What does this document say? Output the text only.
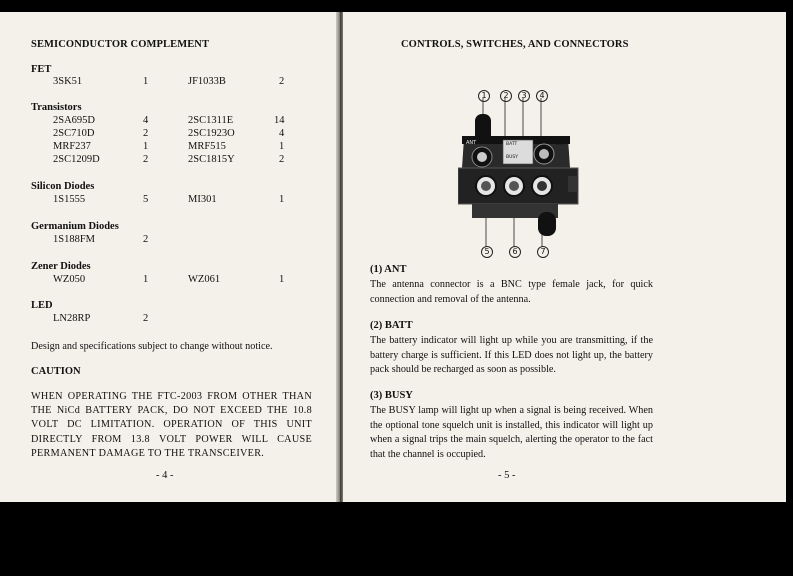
SEMICONDUCTOR COMPLEMENT
FET
3SK51	1	JF1033B	2
Transistors
2SA695D	4	2SC1311E	14
2SC710D	2	2SC1923O	4
MRF237	1	MRF515	1
2SC1209D	2	2SC1815Y	2
Silicon Diodes
1S1555	5	MI301	1
Germanium Diodes
1S188FM	2
Zener Diodes
WZ050	1	WZ061	1
LED
LN28RP	2
Design and specifications subject to change without notice.
CAUTION
WHEN OPERATING THE FTC-2003 FROM OTHER THAN THE NiCd BATTERY PACK, DO NOT EXCEED THE 10.8 VOLT DC LIMITATION. OPERATION OF THIS UNIT DIRECTLY FROM 13.8 VOLT POWER WILL CAUSE PERMANENT DAMAGE TO THE TRANSCEIVER.
- 4 -
CONTROLS, SWITCHES, AND CONNECTORS
BATT
BUSY
ANT	CH
C
1	2	3	4
5	6	7
(1) ANT
The antenna connector is a BNC type female jack, for quick connection and removal of the antenna.
(2) BATT
The battery indicator will light up while you are transmitting, if the battery charge is sufficient. If this LED does not light up, the battery pack should be recharged as soon as possible.
(3) BUSY
The BUSY lamp will light up when a signal is being received. When the optional tone squelch unit is installed, this indicator will light up when a signal trips the main squelch, alerting the operator to the fact that the channel is occupied.
- 5 -
